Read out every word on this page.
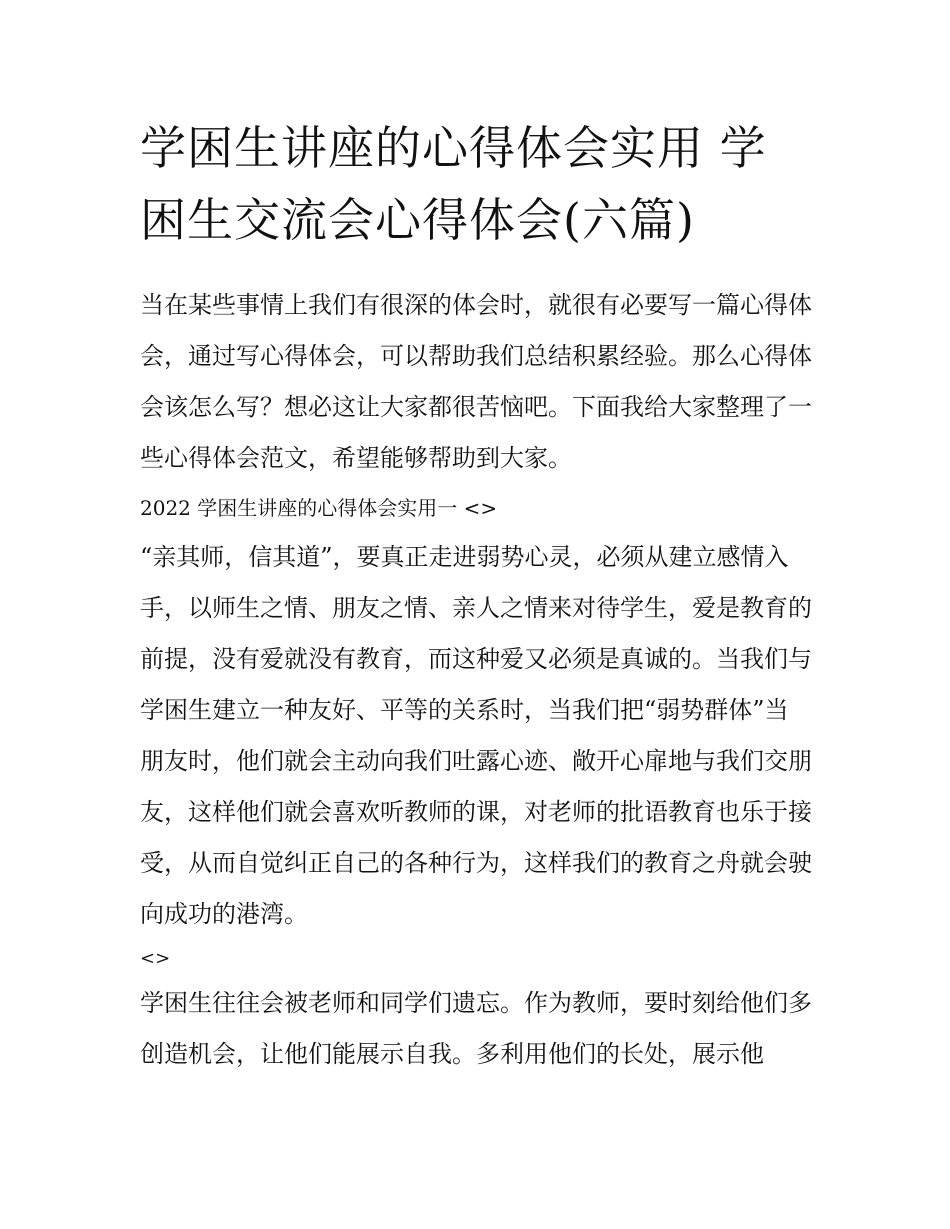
学困生讲座的心得体会实用 学困生交流会心得体会(六篇)

当在某些事情上我们有很深的体会时，就很有必要写一篇心得体会，通过写心得体会，可以帮助我们总结积累经验。那么心得体会该怎么写？想必这让大家都很苦恼吧。下面我给大家整理了一些心得体会范文，希望能够帮助到大家。

2022 学困生讲座的心得体会实用一 <>

“亲其师，信其道”，要真正走进弱势心灵，必须从建立感情入手，以师生之情、朋友之情、亲人之情来对待学生，爱是教育的前提，没有爱就没有教育，而这种爱又必须是真诚的。当我们与学困生建立一种友好、平等的关系时，当我们把“弱势群体”当朋友时，他们就会主动向我们吐露心迹、敞开心扉地与我们交朋友，这样他们就会喜欢听教师的课，对老师的批语教育也乐于接受，从而自觉纠正自己的各种行为，这样我们的教育之舟就会驶向成功的港湾。

<>

学困生往往会被老师和同学们遗忘。作为教师，要时刻给他们多创造机会，让他们能展示自我。多利用他们的长处，展示他
